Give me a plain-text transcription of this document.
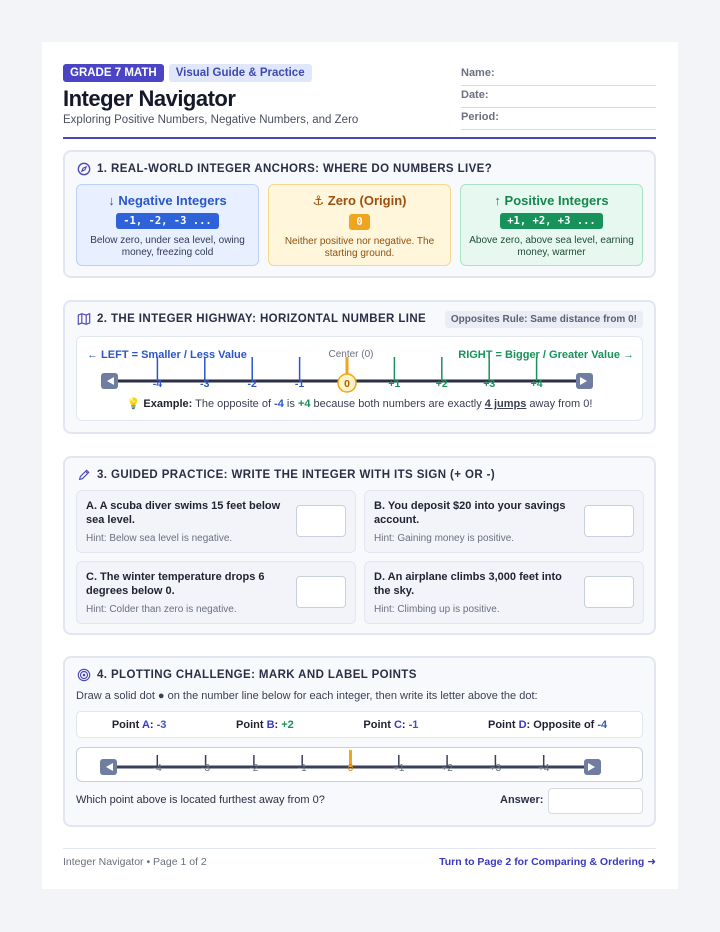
GRADE 7 MATH	Visual Guide & Practice
Integer Navigator
Exploring Positive Numbers, Negative Numbers, and Zero
Name:
Date:
Period:
1. REAL-WORLD INTEGER ANCHORS: WHERE DO NUMBERS LIVE?
↓ Negative Integers
-1, -2, -3 ...
Below zero, under sea level, owing money, freezing cold
⚓ Zero (Origin)
0
Neither positive nor negative. The starting ground.
↑ Positive Integers
+1, +2, +3 ...
Above zero, above sea level, earning money, warmer
2. THE INTEGER HIGHWAY: HORIZONTAL NUMBER LINE	Opposites Rule: Same distance from 0!
← LEFT = Smaller / Less Value	RIGHT = Bigger / Greater Value →
Center (0)
-4	-3	-2	-1	0	+1	+2	+3	+4
💡 Example: The opposite of -4 is +4 because both numbers are exactly 4 jumps away from 0!
3. GUIDED PRACTICE: WRITE THE INTEGER WITH ITS SIGN (+ OR -)
A. A scuba diver swims 15 feet below sea level.
Hint: Below sea level is negative.
B. You deposit $20 into your savings account.
Hint: Gaining money is positive.
C. The winter temperature drops 6 degrees below 0.
Hint: Colder than zero is negative.
D. An airplane climbs 3,000 feet into the sky.
Hint: Climbing up is positive.
4. PLOTTING CHALLENGE: MARK AND LABEL POINTS
Draw a solid dot ● on the number line below for each integer, then write its letter above the dot:
Point A: -3	Point B: +2	Point C: -1	Point D: Opposite of -4
-4	-3	-2	-1	0	+1	+2	+3	+4
Which point above is located furthest away from 0?	Answer:
Integer Navigator • Page 1 of 2	Turn to Page 2 for Comparing & Ordering ➜
